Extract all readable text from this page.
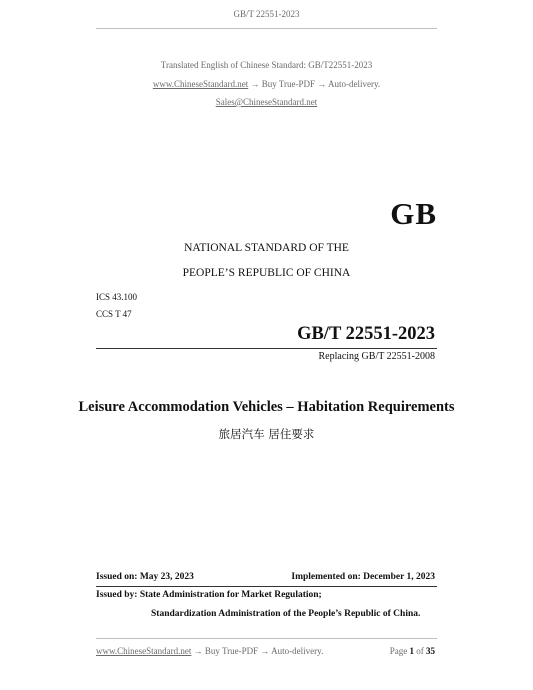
GB/T 22551-2023
Translated English of Chinese Standard: GB/T22551-2023
www.ChineseStandard.net → Buy True-PDF → Auto-delivery.
Sales@ChineseStandard.net
GB
NATIONAL STANDARD OF THE
PEOPLE’S REPUBLIC OF CHINA
ICS 43.100
CCS T 47
GB/T 22551-2023
Replacing GB/T 22551-2008
Leisure Accommodation Vehicles – Habitation Requirements
旅居汽车 居住要求
Issued on: May 23, 2023	Implemented on: December 1, 2023
Issued by: State Administration for Market Regulation;
Standardization Administration of the People’s Republic of China.
www.ChineseStandard.net → Buy True-PDF → Auto-delivery.	Page 1 of 35
